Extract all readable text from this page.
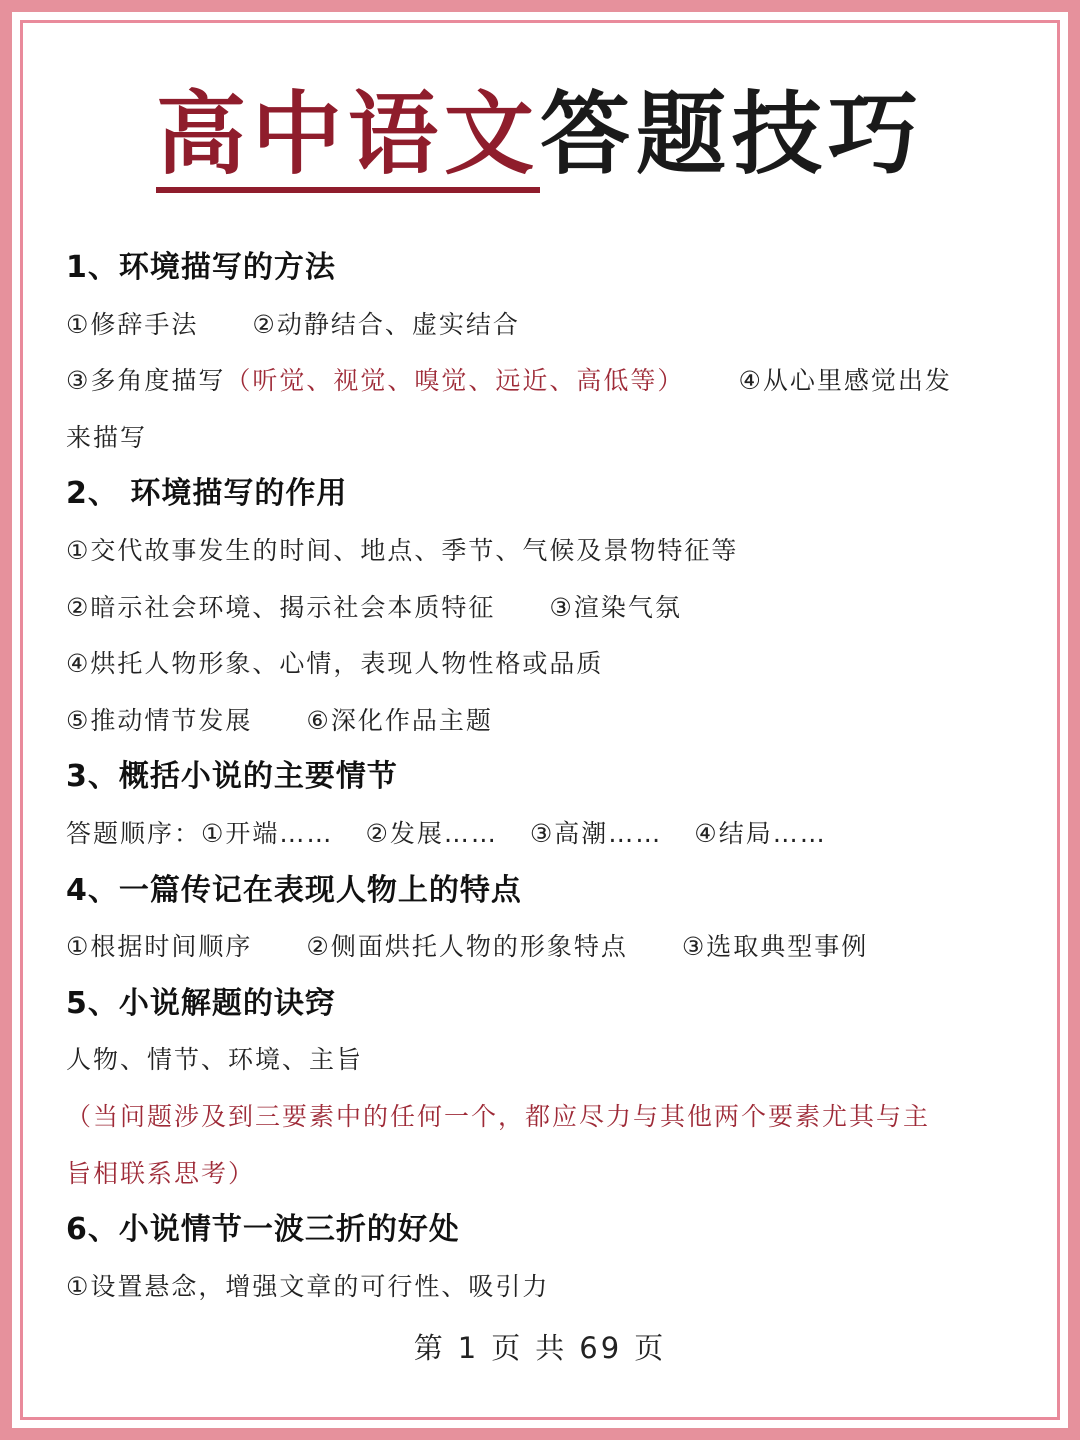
高中语文答题技巧
1、环境描写的方法
①修辞手法 ②动静结合、虚实结合
③多角度描写（听觉、视觉、嗅觉、远近、高低等） ④从心里感觉出发
来描写
2、 环境描写的作用
①交代故事发生的时间、地点、季节、气候及景物特征等
②暗示社会环境、揭示社会本质特征 ③渲染气氛
④烘托人物形象、心情，表现人物性格或品质
⑤推动情节发展 ⑥深化作品主题
3、概括小说的主要情节
答题顺序：①开端…… ②发展…… ③高潮…… ④结局……
4、一篇传记在表现人物上的特点
①根据时间顺序 ②侧面烘托人物的形象特点 ③选取典型事例
5、小说解题的诀窍
人物、情节、环境、主旨
（当问题涉及到三要素中的任何一个，都应尽力与其他两个要素尤其与主
旨相联系思考）
6、小说情节一波三折的好处
①设置悬念，增强文章的可行性、吸引力
第 1 页 共 69 页
